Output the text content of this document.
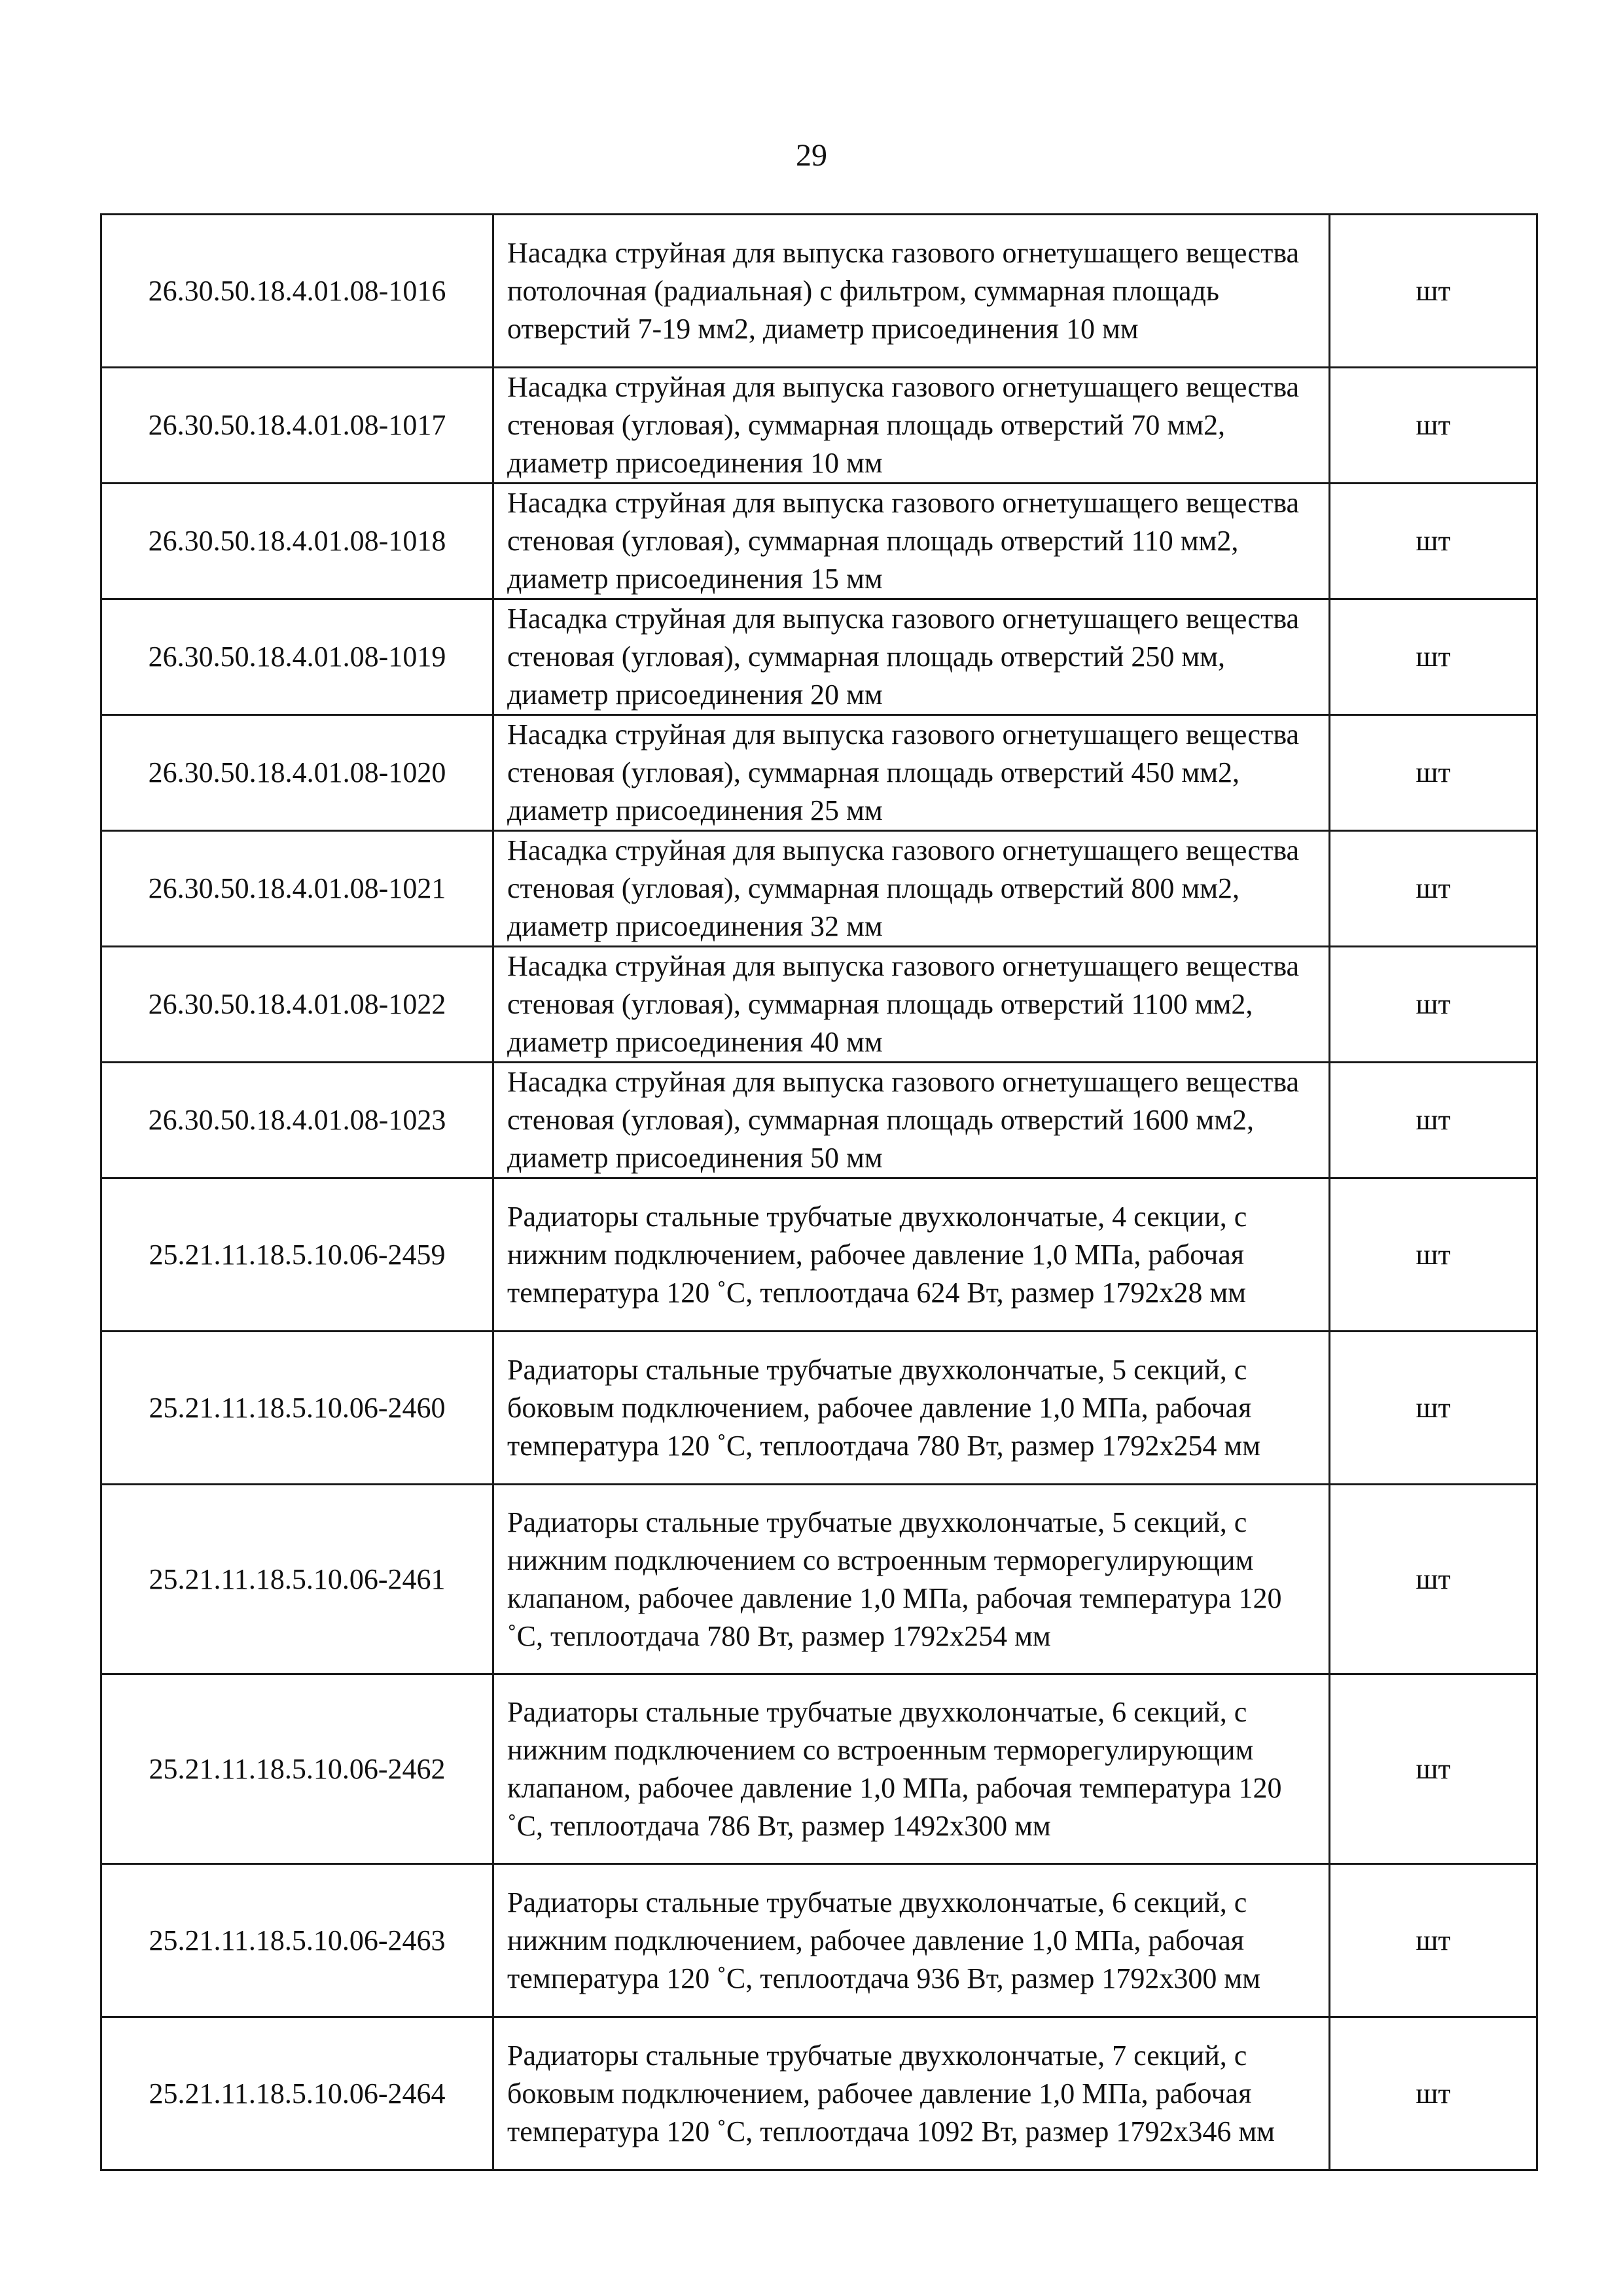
29
26.30.50.18.4.01.08-1016	Насадка струйная для выпуска газового огнетушащего вещества потолочная (радиальная) с фильтром, суммарная площадь отверстий 7-19 мм2, диаметр присоединения 10 мм	шт
26.30.50.18.4.01.08-1017	Насадка струйная для выпуска газового огнетушащего вещества стеновая (угловая), суммарная площадь отверстий 70 мм2, диаметр присоединения 10 мм	шт
26.30.50.18.4.01.08-1018	Насадка струйная для выпуска газового огнетушащего вещества стеновая (угловая), суммарная площадь отверстий 110 мм2, диаметр присоединения 15 мм	шт
26.30.50.18.4.01.08-1019	Насадка струйная для выпуска газового огнетушащего вещества стеновая (угловая), суммарная площадь отверстий 250 мм, диаметр присоединения 20 мм	шт
26.30.50.18.4.01.08-1020	Насадка струйная для выпуска газового огнетушащего вещества стеновая (угловая), суммарная площадь отверстий 450 мм2, диаметр присоединения 25 мм	шт
26.30.50.18.4.01.08-1021	Насадка струйная для выпуска газового огнетушащего вещества стеновая (угловая), суммарная площадь отверстий 800 мм2, диаметр присоединения 32 мм	шт
26.30.50.18.4.01.08-1022	Насадка струйная для выпуска газового огнетушащего вещества стеновая (угловая), суммарная площадь отверстий 1100 мм2, диаметр присоединения 40 мм	шт
26.30.50.18.4.01.08-1023	Насадка струйная для выпуска газового огнетушащего вещества стеновая (угловая), суммарная площадь отверстий 1600 мм2, диаметр присоединения 50 мм	шт
25.21.11.18.5.10.06-2459	Радиаторы стальные трубчатые двухколончатые, 4 секции, с нижним подключением, рабочее давление 1,0 МПа, рабочая температура 120 ˚С, теплоотдача 624 Вт, размер 1792x28 мм	шт
25.21.11.18.5.10.06-2460	Радиаторы стальные трубчатые двухколончатые, 5 секций, с боковым подключением, рабочее давление 1,0 МПа, рабочая температура 120 ˚С, теплоотдача 780 Вт, размер 1792x254 мм	шт
25.21.11.18.5.10.06-2461	Радиаторы стальные трубчатые двухколончатые, 5 секций, с нижним подключением со встроенным терморегулирующим клапаном, рабочее давление 1,0 МПа, рабочая температура 120 ˚С, теплоотдача 780 Вт, размер 1792x254 мм	шт
25.21.11.18.5.10.06-2462	Радиаторы стальные трубчатые двухколончатые, 6 секций, с нижним подключением со встроенным терморегулирующим клапаном, рабочее давление 1,0 МПа, рабочая температура 120 ˚С, теплоотдача 786 Вт, размер 1492x300 мм	шт
25.21.11.18.5.10.06-2463	Радиаторы стальные трубчатые двухколончатые, 6 секций, с нижним подключением, рабочее давление 1,0 МПа, рабочая температура 120 ˚С, теплоотдача 936 Вт, размер 1792x300 мм	шт
25.21.11.18.5.10.06-2464	Радиаторы стальные трубчатые двухколончатые, 7 секций, с боковым подключением, рабочее давление 1,0 МПа, рабочая температура 120 ˚С, теплоотдача 1092 Вт, размер 1792x346 мм	шт
